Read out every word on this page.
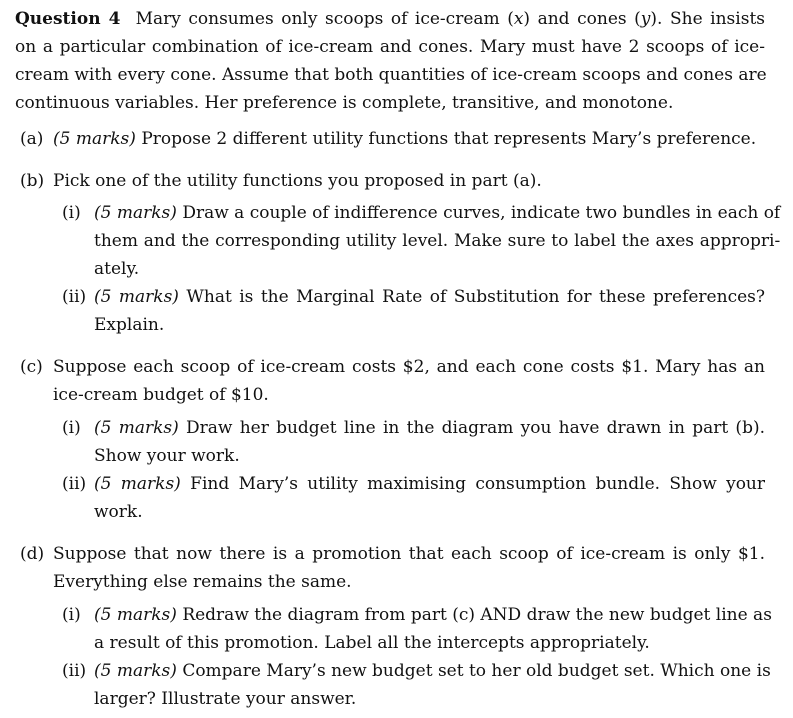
Question 4 Mary consumes only scoops of ice-cream (x) and cones (y). She insists
on a particular combination of ice-cream and cones. Mary must have 2 scoops of ice-
cream with every cone. Assume that both quantities of ice-cream scoops and cones are
continuous variables. Her preference is complete, transitive, and monotone.
(a) (5 marks) Propose 2 different utility functions that represents Mary’s preference.
(b) Pick one of the utility functions you proposed in part (a).
(i) (5 marks) Draw a couple of indifference curves, indicate two bundles in each of
them and the corresponding utility level. Make sure to label the axes appropri-
ately.
(ii) (5 marks) What is the Marginal Rate of Substitution for these preferences?
Explain.
(c) Suppose each scoop of ice-cream costs $2, and each cone costs $1. Mary has an
ice-cream budget of $10.
(i) (5 marks) Draw her budget line in the diagram you have drawn in part (b).
Show your work.
(ii) (5 marks) Find Mary’s utility maximising consumption bundle. Show your
work.
(d) Suppose that now there is a promotion that each scoop of ice-cream is only $1.
Everything else remains the same.
(i) (5 marks) Redraw the diagram from part (c) AND draw the new budget line as
a result of this promotion. Label all the intercepts appropriately.
(ii) (5 marks) Compare Mary’s new budget set to her old budget set. Which one is
larger? Illustrate your answer.
